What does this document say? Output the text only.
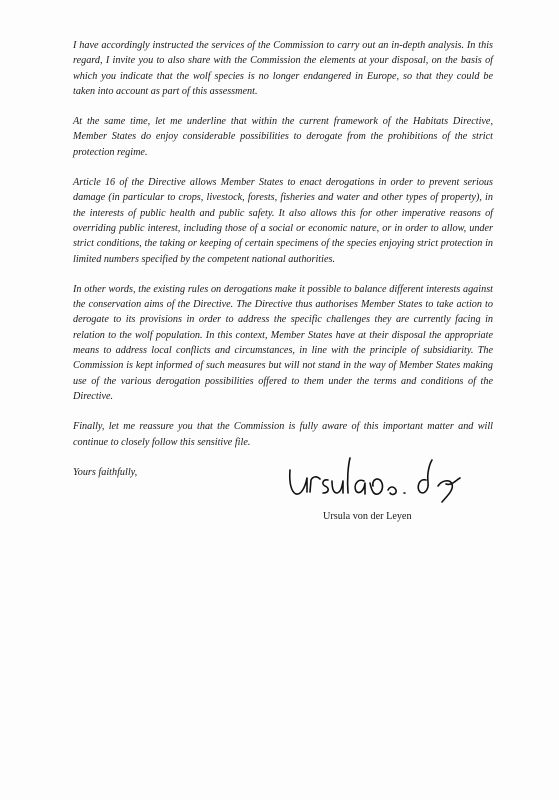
I have accordingly instructed the services of the Commission to carry out an in-depth analysis. In this regard, I invite you to also share with the Commission the elements at your disposal, on the basis of which you indicate that the wolf species is no longer endangered in Europe, so that they could be taken into account as part of this assessment.

At the same time, let me underline that within the current framework of the Habitats Directive, Member States do enjoy considerable possibilities to derogate from the prohibitions of the strict protection regime.

Article 16 of the Directive allows Member States to enact derogations in order to prevent serious damage (in particular to crops, livestock, forests, fisheries and water and other types of property), in the interests of public health and public safety. It also allows this for other imperative reasons of overriding public interest, including those of a social or economic nature, or in order to allow, under strict conditions, the taking or keeping of certain specimens of the species enjoying strict protection in limited numbers specified by the competent national authorities.

In other words, the existing rules on derogations make it possible to balance different interests against the conservation aims of the Directive. The Directive thus authorises Member States to take action to derogate to its provisions in order to address the specific challenges they are currently facing in relation to the wolf population. In this context, Member States have at their disposal the appropriate means to address local conflicts and circumstances, in line with the principle of subsidiarity. The Commission is kept informed of such measures but will not stand in the way of Member States making use of the various derogation possibilities offered to them under the terms and conditions of the Directive.

Finally, let me reassure you that the Commission is fully aware of this important matter and will continue to closely follow this sensitive file.

Yours faithfully,
Ursula von der Leyen
